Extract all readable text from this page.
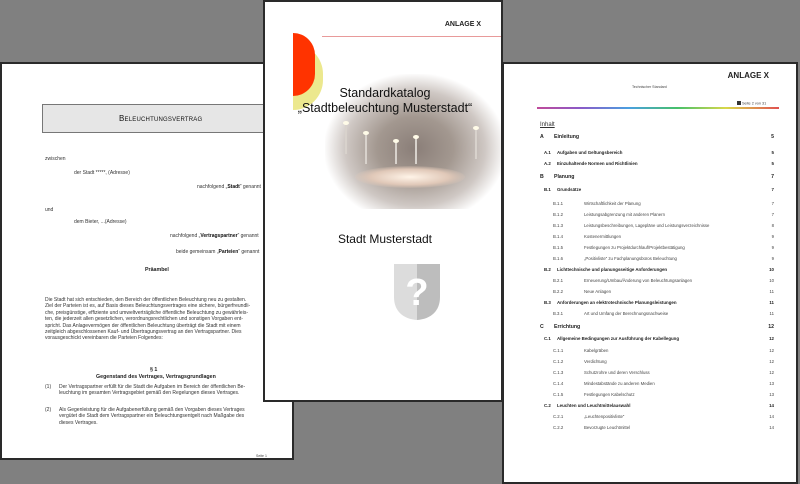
Beleuchtungsvertrag
zwischen
der Stadt *****, (Adresse)
nachfolgend „Stadt“ genannt
und
dem Bieter, ...(Adresse)
nachfolgend „Vertragspartner“ genannt
beide gemeinsam „Parteien“ genannt
Präambel
Die Stadt hat sich entschieden, den Bereich der öffentlichen Beleuchtung neu zu gestalten.
Ziel der Parteien ist es, auf Basis dieses Beleuchtungsvertrages eine sichere, bürgerfreundli-
che, preisgünstige, effiziente und umweltverträgliche öffentliche Beleuchtung zu gewährleis-
ten, die jederzeit allen gesetzlichen, verordnungsrechtlichen und sonstigen Vorgaben ent-
spricht. Das Anlagevermögen der öffentlichen Beleuchtung überträgt die Stadt mit einem
zeitgleich abgeschlossenen Kauf- und Übertragungsvertrag an den Vertragspartner. Dies
vorausgeschickt vereinbaren die Parteien Folgendes:
§ 1
Gegenstand des Vertrages, Vertragsgrundlagen
(1) Der Vertragspartner erfüllt für die Stadt die Aufgaben im Bereich der öffentlichen Be-
leuchtung im gesamten Vertragsgebiet gemäß den Regelungen dieses Vertrages.
(2) Als Gegenleistung für die Aufgabenerfüllung gemäß den Vorgaben dieses Vertrages
vergütet die Stadt dem Vertragspartner ein Beleuchtungsentgelt nach Maßgabe des
dieses Vertrages.
Seite 1
ANLAGE X
Standardkatalog
„Stadtbeleuchtung Musterstadt“
Stadt Musterstadt
?
ANLAGE X
Technischer Standard
Seite 2 von 31
Inhalt
A Einleitung	5
A.1 Aufgaben und Geltungsbereich	5
A.2 Einzuhaltende Normen und Richtlinien	5
B Planung	7
B.1 Grundsätze	7
B.1.1	Wirtschaftlichkeit der Planung	7
B.1.2	Leistungsabgrenzung mit anderen Planern	7
B.1.3	Leistungsbeschreibungen, Lagepläne und Leistungsverzeichnisse	8
B.1.4	Kostenermittlungen	9
B.1.5	Festlegungen zu Projektdurchlauf/Projektbestätigung	9
B.1.6	„Positivliste“ zu Fachplanungsbüros Beleuchtung	9
B.2 Lichttechnische und planungsseitige Anforderungen	10
B.2.1	Erneuerung/Umbau/Änderung von Beleuchtungsanlagen	10
B.2.2	Neue Anlagen	11
B.3 Anforderungen an elektrotechnische Planungsleistungen	11
B.3.1	Art und Umfang der Berechnungsnachweise	11
C Errichtung	12
C.1 Allgemeine Bedingungen zur Ausführung der Kabellegung	12
C.1.1	Kabelgräben	12
C.1.2	Verdichtung	12
C.1.3	Schutzrohre und deren Verschluss	12
C.1.4	Mindestabstände zu anderen Medien	13
C.1.5	Festlegungen Kabelschutz	13
C.2 Leuchten und Leuchtmittelauswahl	14
C.2.1	„Leuchtenpositivliste“	14
C.2.2	Bevorzugte Leuchtmittel	14
